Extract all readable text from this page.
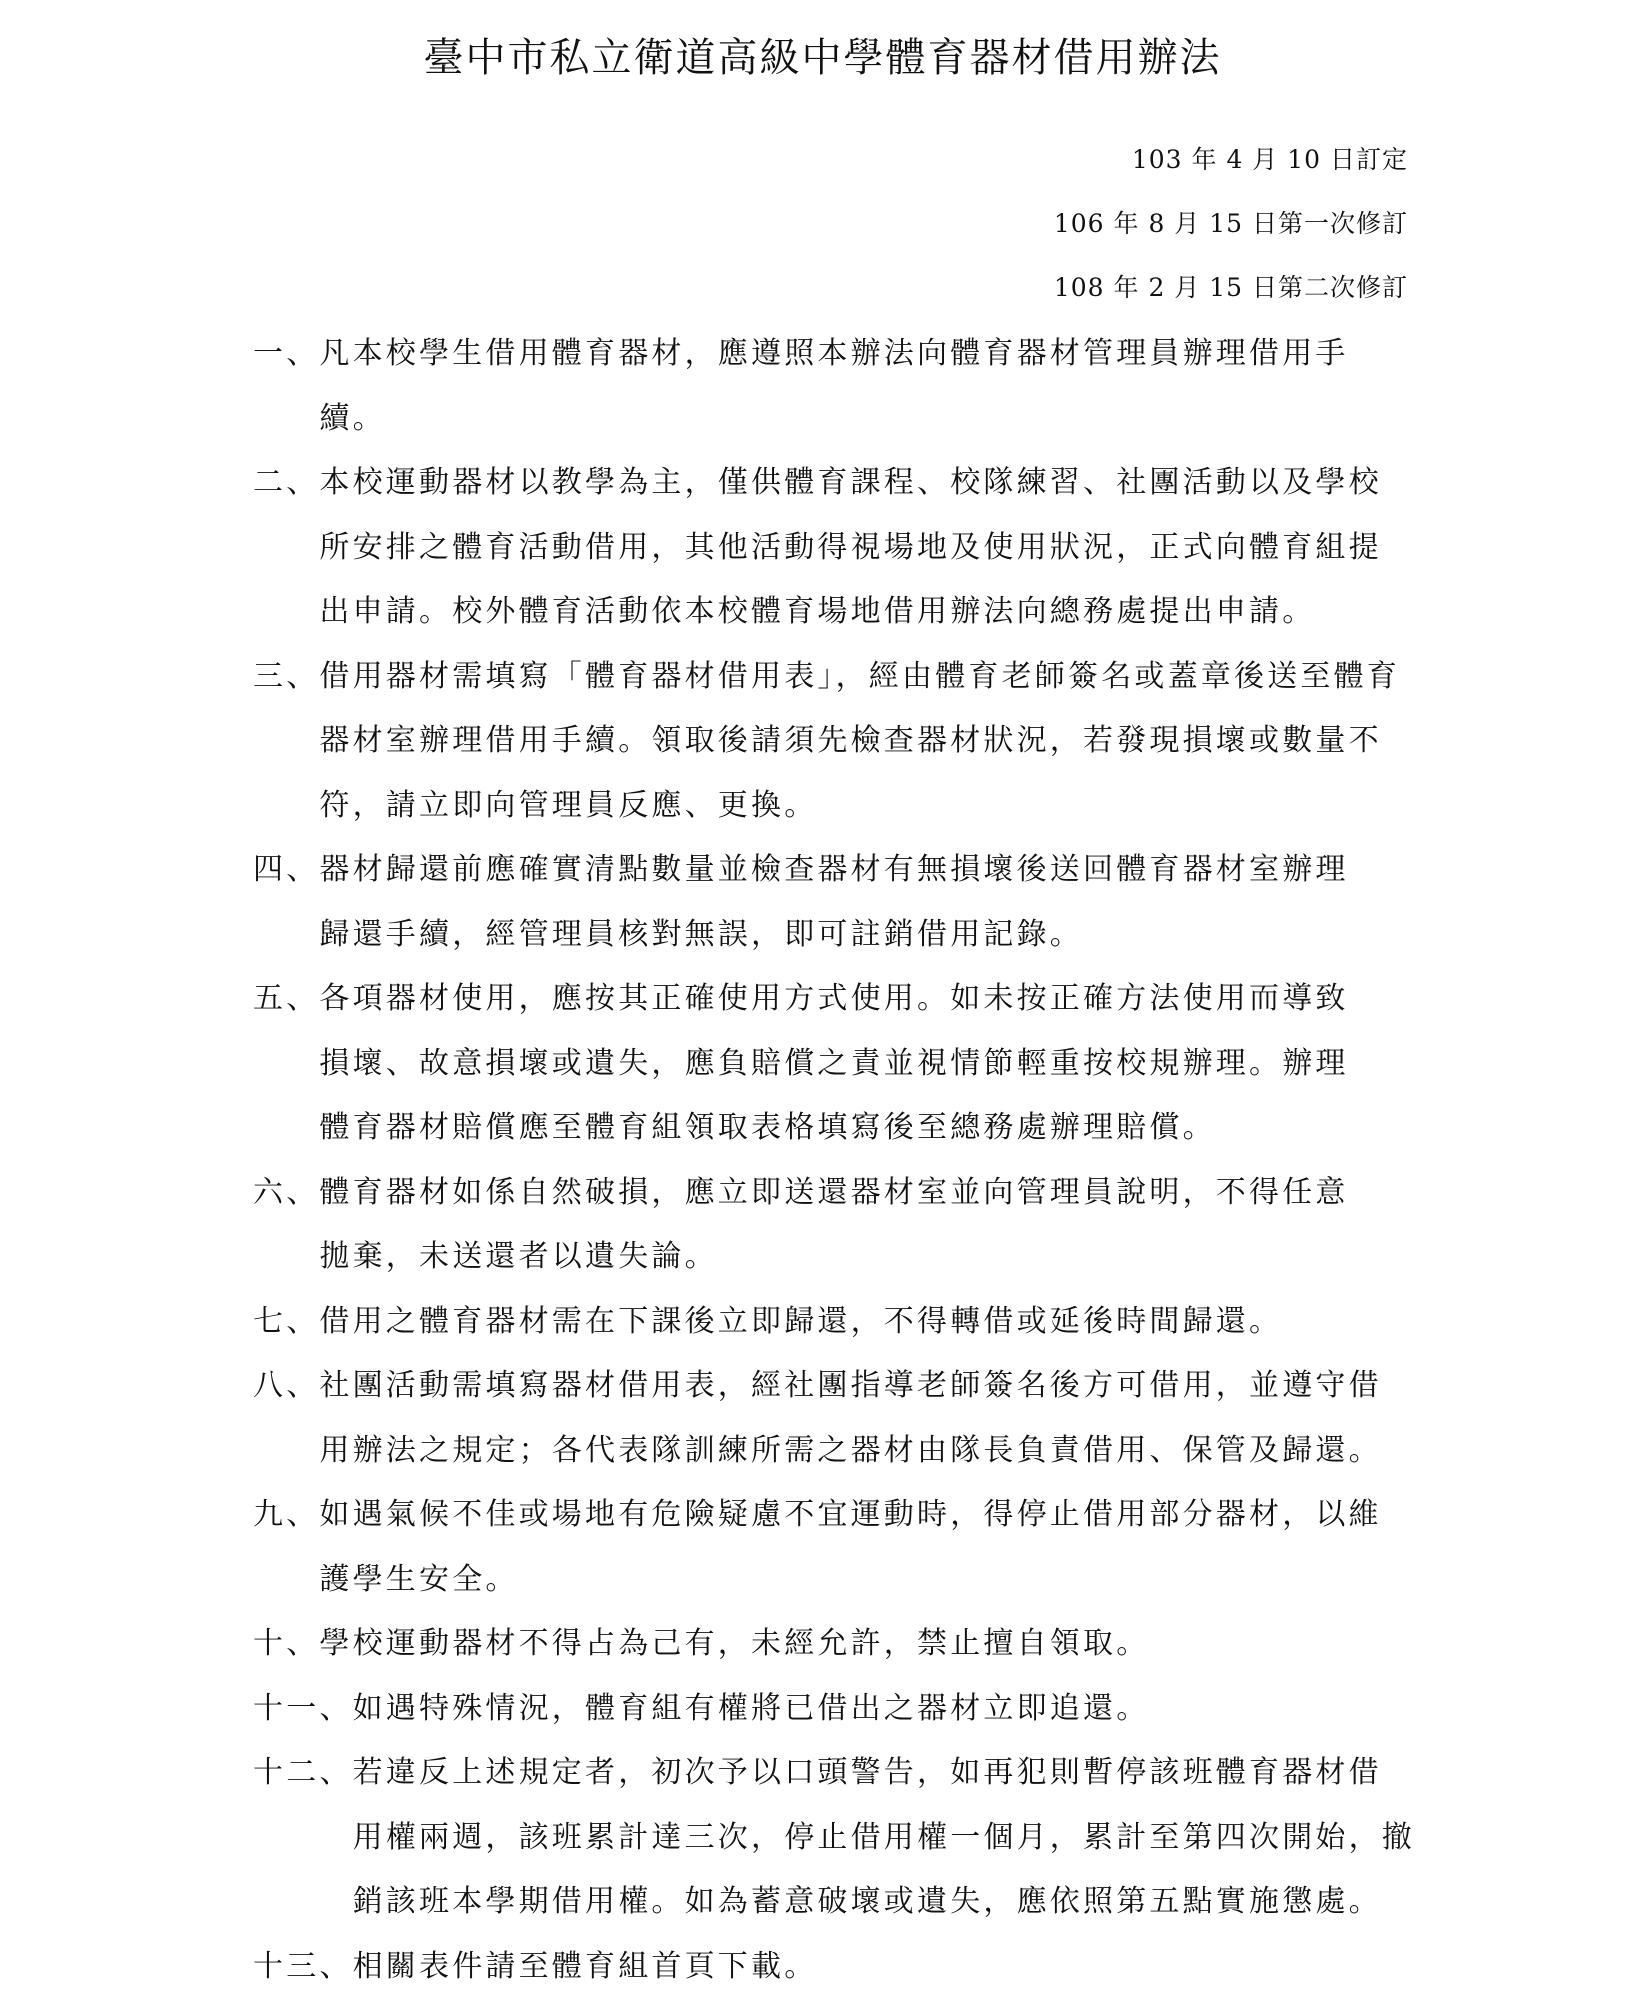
臺中市私立衛道高級中學體育器材借用辦法
103 年 4 月 10 日訂定
106 年 8 月 15 日第一次修訂
108 年 2 月 15 日第二次修訂
一、 凡本校學生借用體育器材，應遵照本辦法向體育器材管理員辦理借用手
續。
二、 本校運動器材以教學為主，僅供體育課程、校隊練習、社團活動以及學校
所安排之體育活動借用，其他活動得視場地及使用狀況，正式向體育組提
出申請。校外體育活動依本校體育場地借用辦法向總務處提出申請。
三、 借用器材需填寫「體育器材借用表」，經由體育老師簽名或蓋章後送至體育
器材室辦理借用手續。領取後請須先檢查器材狀況，若發現損壞或數量不
符，請立即向管理員反應、更換。
四、 器材歸還前應確實清點數量並檢查器材有無損壞後送回體育器材室辦理
歸還手續，經管理員核對無誤，即可註銷借用記錄。
五、 各項器材使用，應按其正確使用方式使用。如未按正確方法使用而導致
損壞、故意損壞或遺失，應負賠償之責並視情節輕重按校規辦理。辦理
體育器材賠償應至體育組領取表格填寫後至總務處辦理賠償。
六、 體育器材如係自然破損，應立即送還器材室並向管理員說明，不得任意
拋棄，未送還者以遺失論。
七、 借用之體育器材需在下課後立即歸還，不得轉借或延後時間歸還。
八、 社團活動需填寫器材借用表，經社團指導老師簽名後方可借用，並遵守借
用辦法之規定；各代表隊訓練所需之器材由隊長負責借用、保管及歸還。
九、 如遇氣候不佳或場地有危險疑慮不宜運動時，得停止借用部分器材，以維
護學生安全。
十、 學校運動器材不得占為己有，未經允許，禁止擅自領取。
十一、 如遇特殊情況，體育組有權將已借出之器材立即追還。
十二、 若違反上述規定者，初次予以口頭警告，如再犯則暫停該班體育器材借
用權兩週，該班累計達三次，停止借用權一個月，累計至第四次開始，撤
銷該班本學期借用權。如為蓄意破壞或遺失，應依照第五點實施懲處。
十三、 相關表件請至體育組首頁下載。
